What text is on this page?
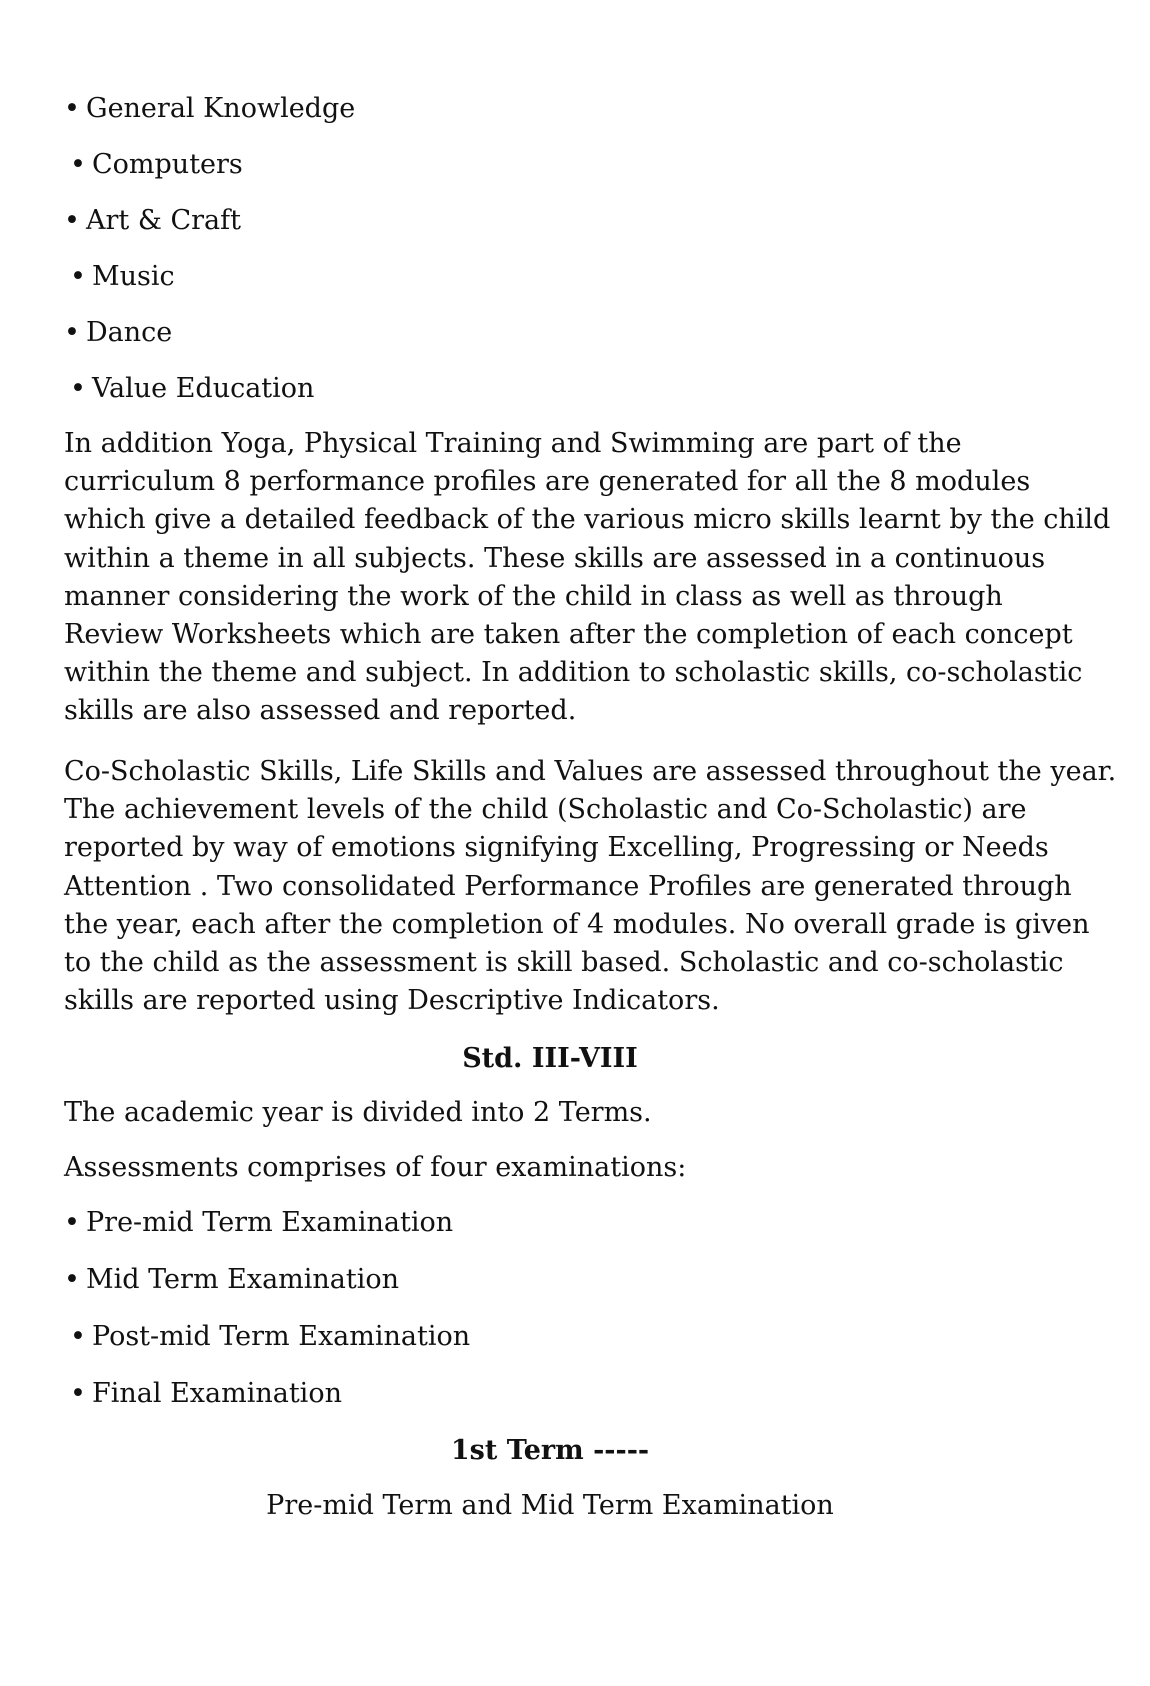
• General Knowledge
• Computers
• Art & Craft
• Music
• Dance
• Value Education
In addition Yoga, Physical Training and Swimming are part of the
curriculum 8 performance profiles are generated for all the 8 modules
which give a detailed feedback of the various micro skills learnt by the child
within a theme in all subjects. These skills are assessed in a continuous
manner considering the work of the child in class as well as through
Review Worksheets which are taken after the completion of each concept
within the theme and subject. In addition to scholastic skills, co-scholastic
skills are also assessed and reported.
Co-Scholastic Skills, Life Skills and Values are assessed throughout the year.
The achievement levels of the child (Scholastic and Co-Scholastic) are
reported by way of emotions signifying Excelling, Progressing or Needs
Attention . Two consolidated Performance Profiles are generated through
the year, each after the completion of 4 modules. No overall grade is given
to the child as the assessment is skill based. Scholastic and co-scholastic
skills are reported using Descriptive Indicators.
Std. III-VIII
The academic year is divided into 2 Terms.
Assessments comprises of four examinations:
• Pre-mid Term Examination
• Mid Term Examination
• Post-mid Term Examination
• Final Examination
1st Term -----
Pre-mid Term and Mid Term Examination
